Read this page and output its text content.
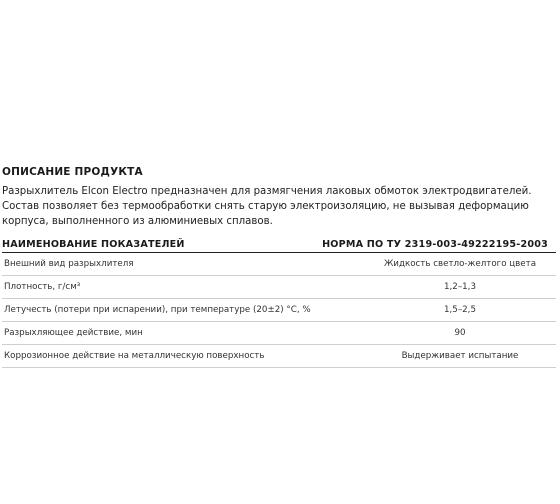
ОПИСАНИЕ ПРОДУКТА
Разрыхлитель Elcon Electro предназначен для размягчения лаковых обмоток электродвигателей. Состав позволяет без термообработки снять старую электроизоляцию, не вызывая деформацию корпуса, выполненного из алюминиевых сплавов.
НАИМЕНОВАНИЕ ПОКАЗАТЕЛЕЙ	НОРМА ПО ТУ 2319-003-49222195-2003
Внешний вид разрыхлителя	Жидкость светло-желтого цвета
Плотность, г/см³	1,2–1,3
Летучесть (потери при испарении), при температуре (20±2) °С, %	1,5–2,5
Разрыхляющее действие, мин	90
Коррозионное действие на металлическую поверхность	Выдерживает испытание
